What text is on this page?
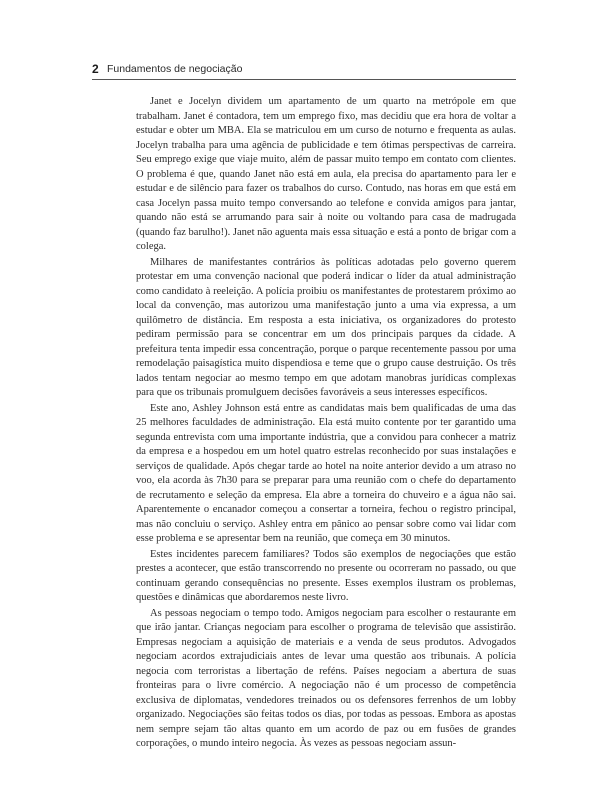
2 Fundamentos de negociação

Janet e Jocelyn dividem um apartamento de um quarto na metrópole em que trabalham. Janet é contadora, tem um emprego fixo, mas decidiu que era hora de voltar a estudar e obter um MBA. Ela se matriculou em um curso de noturno e frequenta as aulas. Jocelyn trabalha para uma agência de publicidade e tem ótimas perspectivas de carreira. Seu emprego exige que viaje muito, além de passar muito tempo em contato com clientes. O problema é que, quando Janet não está em aula, ela precisa do apartamento para ler e estudar e de silêncio para fazer os trabalhos do curso. Contudo, nas horas em que está em casa Jocelyn passa muito tempo conversando ao telefone e convida amigos para jantar, quando não está se arrumando para sair à noite ou voltando para casa de madrugada (quando faz barulho!). Janet não aguenta mais essa situação e está a ponto de brigar com a colega.

Milhares de manifestantes contrários às políticas adotadas pelo governo querem protestar em uma convenção nacional que poderá indicar o líder da atual administração como candidato à reeleição. A polícia proibiu os manifestantes de protestarem próximo ao local da convenção, mas autorizou uma manifestação junto a uma via expressa, a um quilômetro de distância. Em resposta a esta iniciativa, os organizadores do protesto pediram permissão para se concentrar em um dos principais parques da cidade. A prefeitura tenta impedir essa concentração, porque o parque recentemente passou por uma remodelação paisagística muito dispendiosa e teme que o grupo cause destruição. Os três lados tentam negociar ao mesmo tempo em que adotam manobras jurídicas complexas para que os tribunais promulguem decisões favoráveis a seus interesses específicos.

Este ano, Ashley Johnson está entre as candidatas mais bem qualificadas de uma das 25 melhores faculdades de administração. Ela está muito contente por ter garantido uma segunda entrevista com uma importante indústria, que a convidou para conhecer a matriz da empresa e a hospedou em um hotel quatro estrelas reconhecido por suas instalações e serviços de qualidade. Após chegar tarde ao hotel na noite anterior devido a um atraso no voo, ela acorda às 7h30 para se preparar para uma reunião com o chefe do departamento de recrutamento e seleção da empresa. Ela abre a torneira do chuveiro e a água não sai. Aparentemente o encanador começou a consertar a torneira, fechou o registro principal, mas não concluiu o serviço. Ashley entra em pânico ao pensar sobre como vai lidar com esse problema e se apresentar bem na reunião, que começa em 30 minutos.

Estes incidentes parecem familiares? Todos são exemplos de negociações que estão prestes a acontecer, que estão transcorrendo no presente ou ocorreram no passado, ou que continuam gerando consequências no presente. Esses exemplos ilustram os problemas, questões e dinâmicas que abordaremos neste livro.

As pessoas negociam o tempo todo. Amigos negociam para escolher o restaurante em que irão jantar. Crianças negociam para escolher o programa de televisão que assistirão. Empresas negociam a aquisição de materiais e a venda de seus produtos. Advogados negociam acordos extrajudiciais antes de levar uma questão aos tribunais. A polícia negocia com terroristas a libertação de reféns. Países negociam a abertura de suas fronteiras para o livre comércio. A negociação não é um processo de competência exclusiva de diplomatas, vendedores treinados ou os defensores ferrenhos de um lobby organizado. Negociações são feitas todos os dias, por todas as pessoas. Embora as apostas nem sempre sejam tão altas quanto em um acordo de paz ou em fusões de grandes corporações, o mundo inteiro negocia. Às vezes as pessoas negociam assun-
